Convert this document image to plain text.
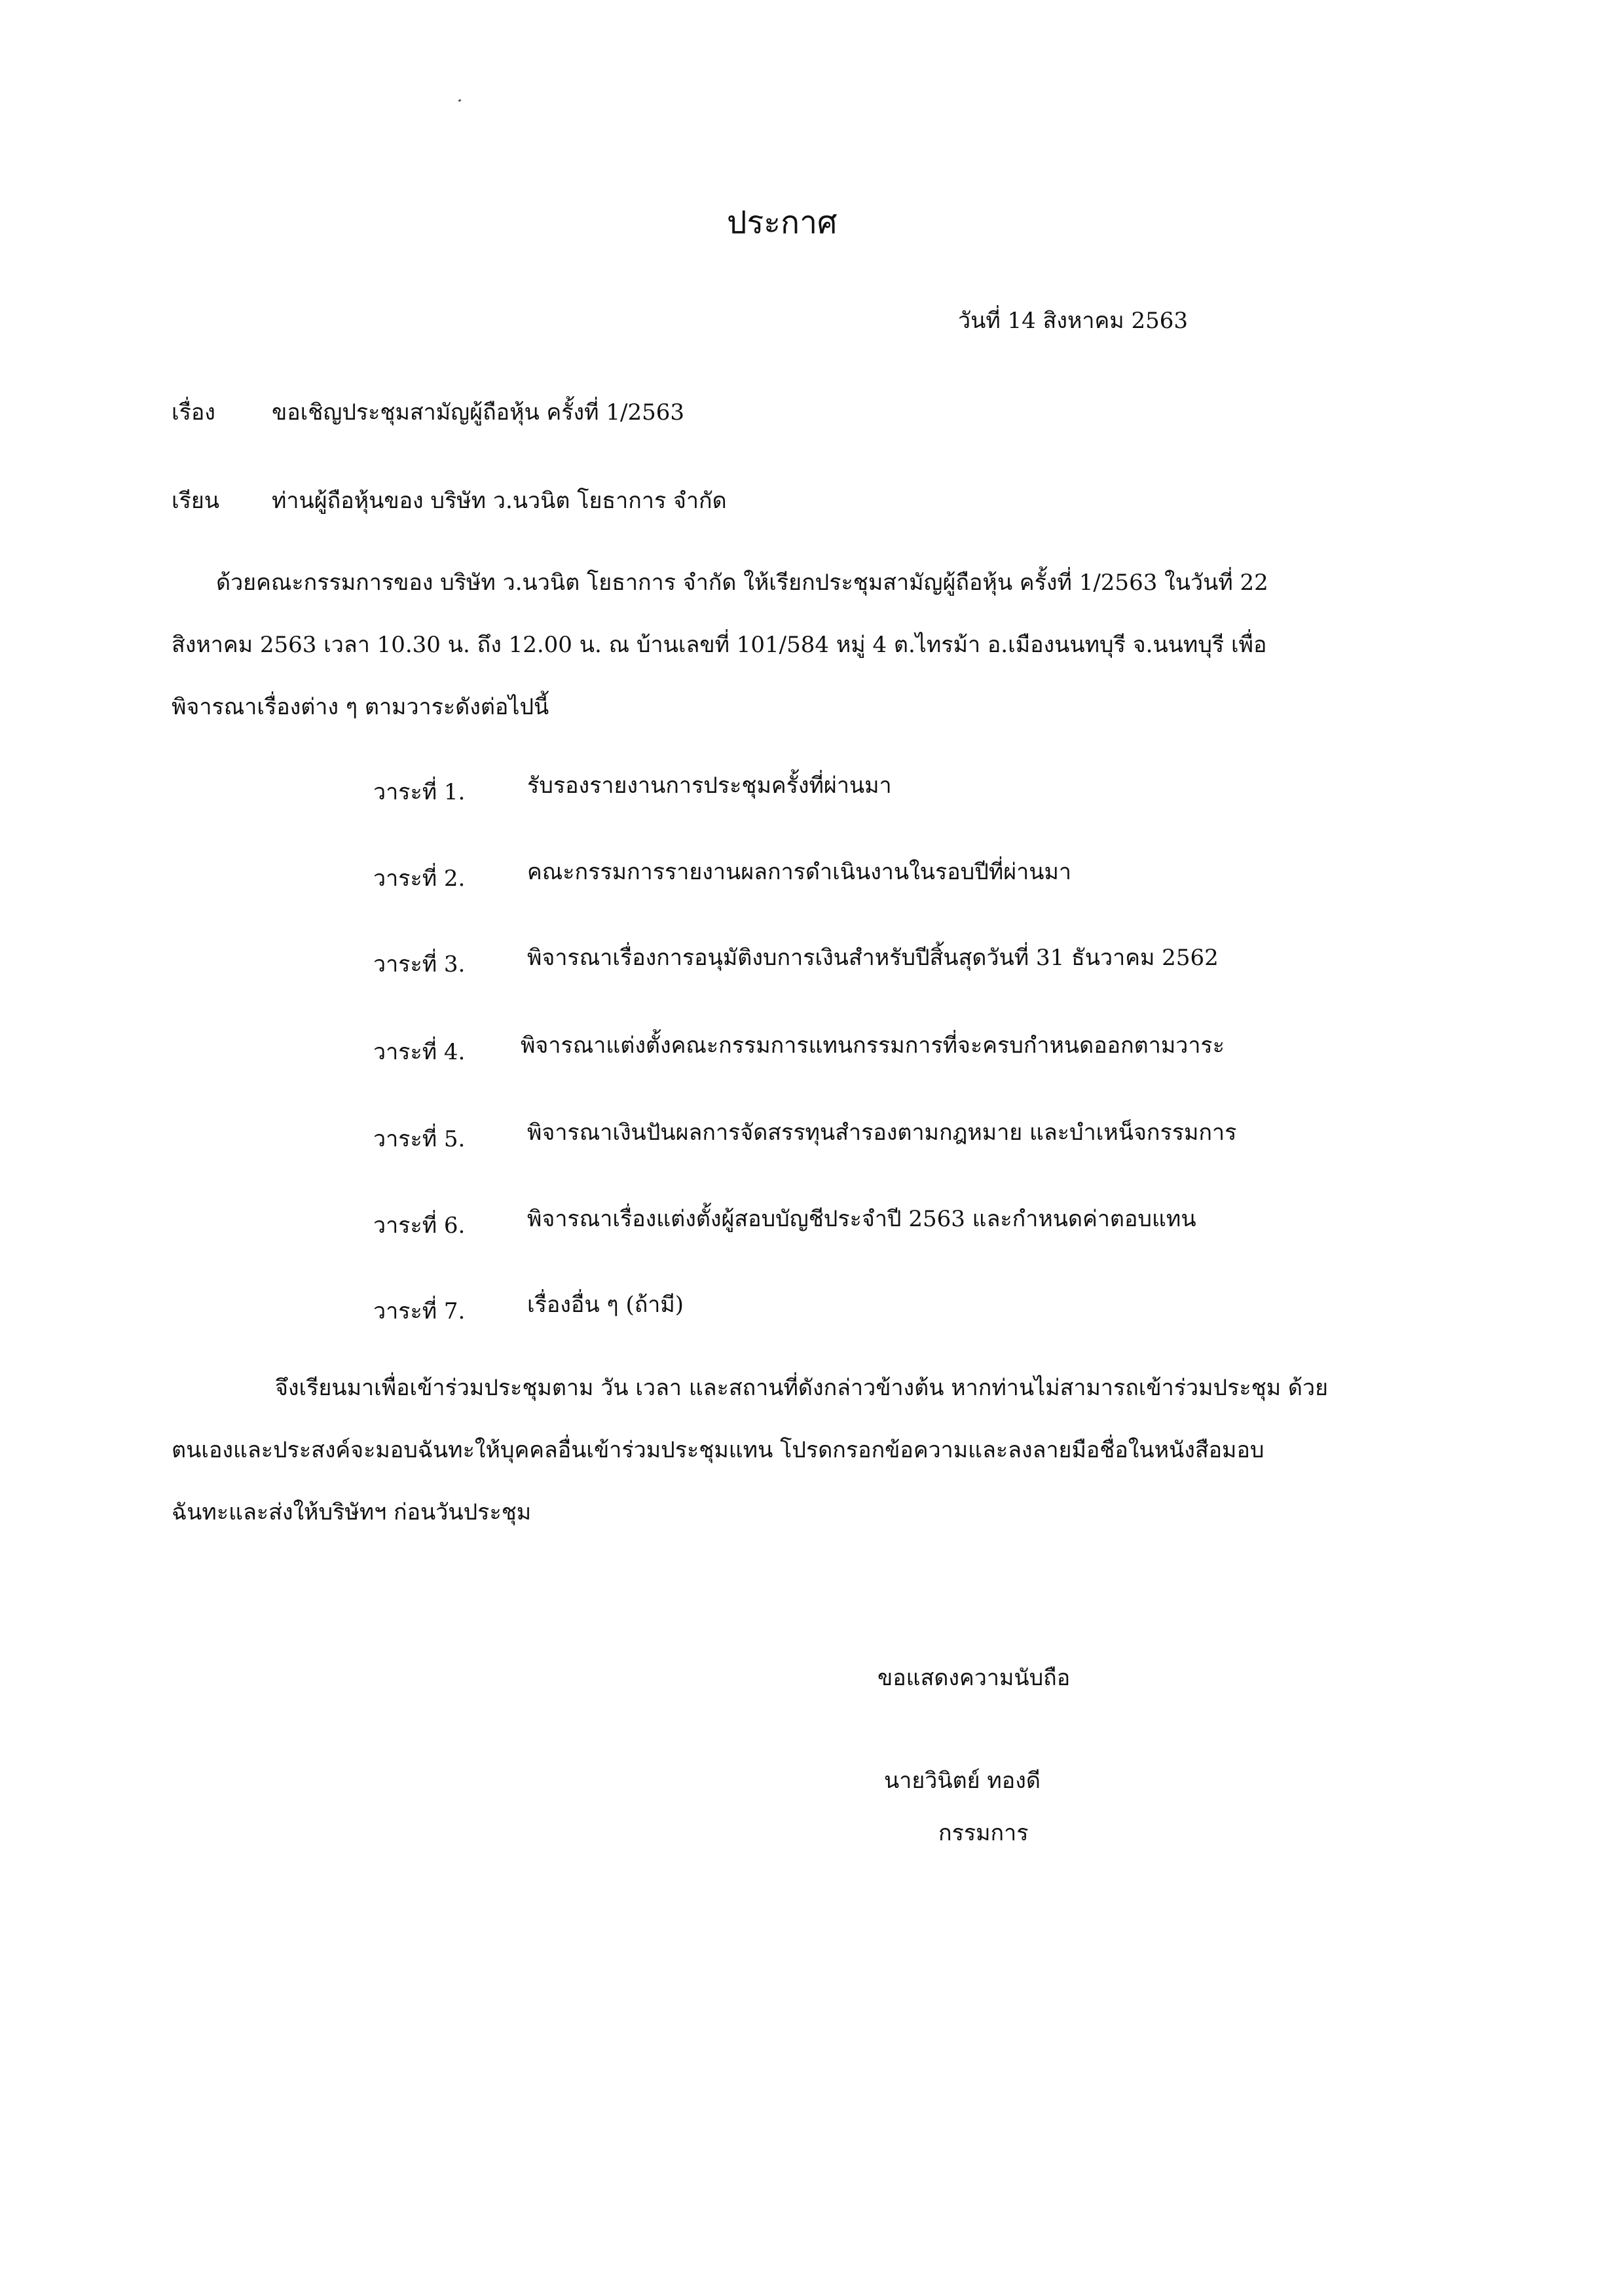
ประกาศ
วันที่ 14 สิงหาคม 2563
เรื่อง	ขอเชิญประชุมสามัญผู้ถือหุ้น ครั้งที่ 1/2563
เรียน ท่านผู้ถือหุ้นของ บริษัท ว.นวนิต โยธาการ จำกัด
ด้วยคณะกรรมการของ บริษัท ว.นวนิต โยธาการ จำกัด ให้เรียกประชุมสามัญผู้ถือหุ้น ครั้งที่ 1/2563 ในวันที่ 22
สิงหาคม 2563 เวลา 10.30 น. ถึง 12.00 น. ณ บ้านเลขที่ 101/584 หมู่ 4 ต.ไทรม้า อ.เมืองนนทบุรี จ.นนทบุรี เพื่อ
พิจารณาเรื่องต่าง ๆ ตามวาระดังต่อไปนี้
วาระที่ 1.	รับรองรายงานการประชุมครั้งที่ผ่านมา
วาระที่ 2.	คณะกรรมการรายงานผลการดำเนินงานในรอบปีที่ผ่านมา
วาระที่ 3.	พิจารณาเรื่องการอนุมัติงบการเงินสำหรับปีสิ้นสุดวันที่ 31 ธันวาคม 2562
วาระที่ 4. พิจารณาแต่งตั้งคณะกรรมการแทนกรรมการที่จะครบกำหนดออกตามวาระ
วาระที่ 5.	พิจารณาเงินปันผลการจัดสรรทุนสำรองตามกฎหมาย และบำเหน็จกรรมการ
วาระที่ 6.	พิจารณาเรื่องแต่งตั้งผู้สอบบัญชีประจำปี 2563 และกำหนดค่าตอบแทน
วาระที่ 7.	เรื่องอื่น ๆ (ถ้ามี)
จึงเรียนมาเพื่อเข้าร่วมประชุมตาม วัน เวลา และสถานที่ดังกล่าวข้างต้น หากท่านไม่สามารถเข้าร่วมประชุม ด้วย
ตนเองและประสงค์จะมอบฉันทะให้บุคคลอื่นเข้าร่วมประชุมแทน โปรดกรอกข้อความและลงลายมือชื่อในหนังสือมอบ
ฉันทะและส่งให้บริษัทฯ ก่อนวันประชุม
ขอแสดงความนับถือ
นายวินิตย์ ทองดี
กรรมการ
